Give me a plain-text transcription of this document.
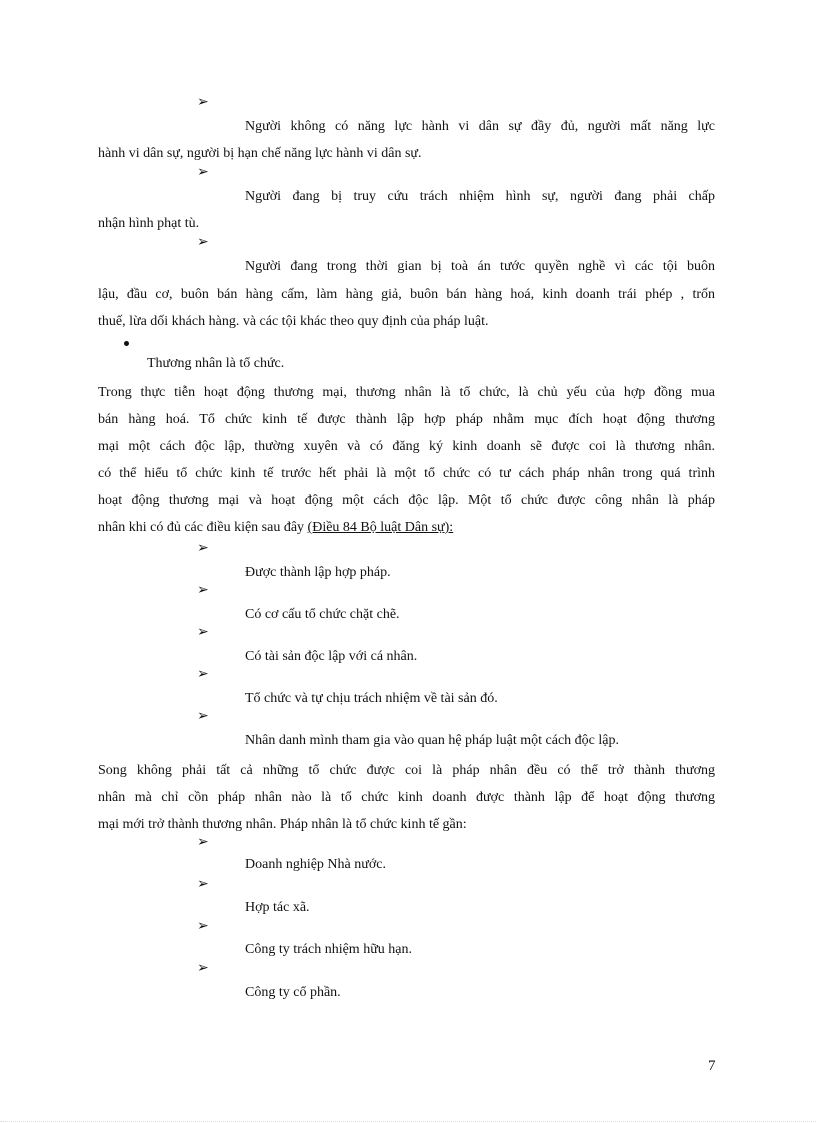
➢

Người không có năng lực hành vi dân sự đầy đủ, người mất năng lực

hành vi dân sự, người bị hạn chế năng lực hành vi dân sự.

➢

Người đang bị truy cứu trách nhiệm hình sự, người đang phải chấp

nhận hình phạt tù.

➢

Người đang trong thời gian bị toà án tước quyền nghề vì các tội buôn

lậu, đầu cơ, buôn bán hàng cấm, làm hàng giả, buôn bán hàng hoá, kinh doanh trái phép , trốn

thuế, lừa dối khách hàng. và các tội khác theo quy định của pháp luật.

Thương nhân là tổ chức.

Trong thực tiễn hoạt động thương mại, thương nhân là tổ chức, là chủ yếu của hợp đồng mua

bán hàng hoá. Tổ chức kinh tế được thành lập hợp pháp nhằm mục đích hoạt động thương

mại một cách độc lập, thường xuyên và có đăng ký kinh doanh sẽ được coi là thương nhân.

có thể hiểu tổ chức kinh tế trước hết phải là một tổ chức có tư cách pháp nhân trong quá trình

hoạt động thương mại và hoạt động một cách độc lập. Một tổ chức được công nhân là pháp

nhân khi có đủ các điều kiện sau đây (Điều 84 Bộ luật Dân sự):

➢
Được thành lập hợp pháp.
➢
Có cơ cấu tổ chức chặt chẽ.
➢
Có tài sản độc lập với cá nhân.
➢
Tổ chức và tự chịu trách nhiệm về tài sản đó.
➢
Nhân danh mình tham gia vào quan hệ pháp luật một cách độc lập.

Song không phải tất cả những tổ chức được coi là pháp nhân đều có thể trở thành thương

nhân mà chỉ cồn pháp nhân nào là tổ chức kinh doanh được thành lập để hoạt động thương

mại mới trở thành thương nhân. Pháp nhân là tổ chức kinh tế gần:

➢
Doanh nghiệp Nhà nước.
➢
Hợp tác xã.
➢
Công ty trách nhiệm hữu hạn.
➢
Công ty cổ phần.
7
